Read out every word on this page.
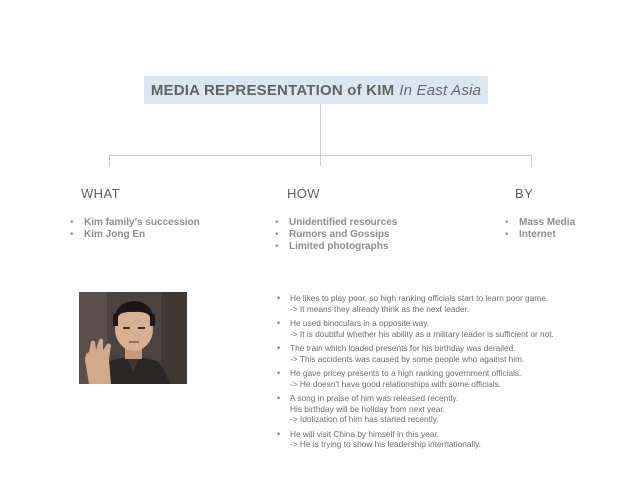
MEDIA REPRESENTATION of KIM In East Asia
WHAT	HOW	BY
• Kim family's succession
• Kim Jong En
• Unidentified resources
• Rumors and Gossips
• Limited photographs
• Mass Media
• Internet
• He likes to play poor, so high ranking officials start to learn poor game.
-> It means they already think as the next leader.
• He used binoculars in a opposite way.
-> It is doubtful whether his ability as a military leader is sufficient or not.
• The train which loaded presents for his birthday was derailed.
-> This accidents was caused by some people who against him.
• He gave pricey presents to a high ranking government officials.
-> He doesn't have good relationships with some officials.
• A song in praise of him was released recently.
His birthday will be holiday from next year.
-> Idolization of him has started recently.
• He will visit China by himself in this year.
-> He is trying to show his leadership internationally.
